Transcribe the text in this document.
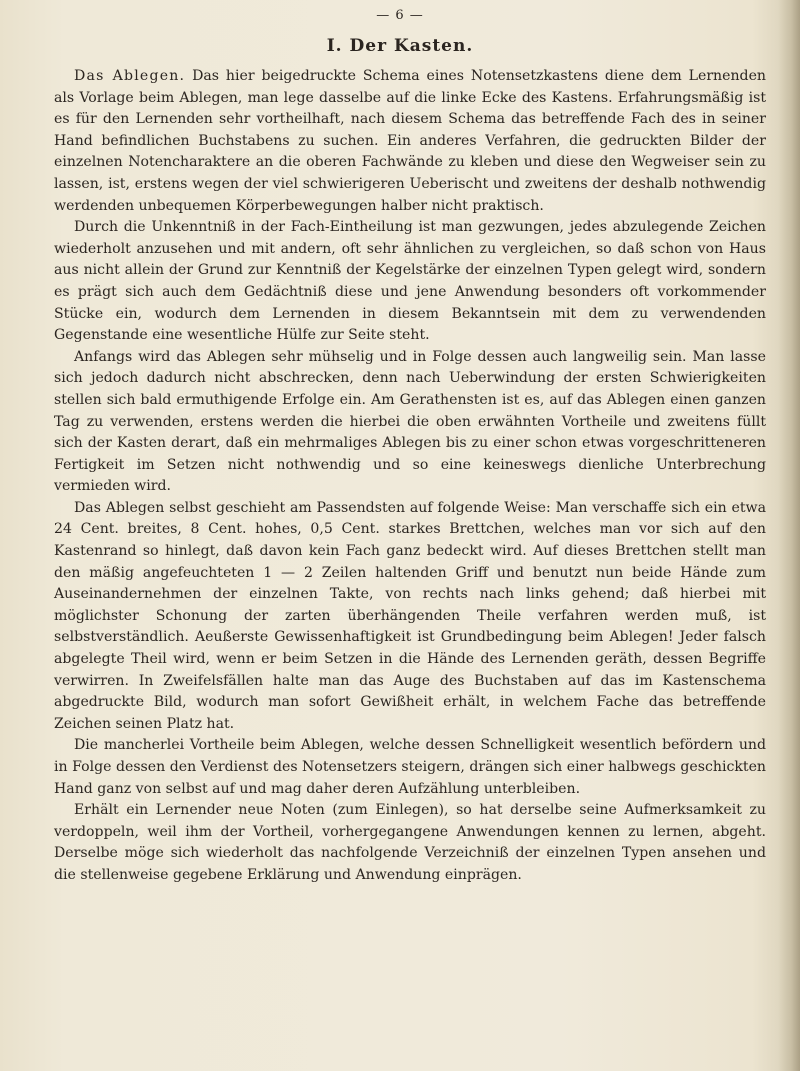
— 6 —
I. Der Kasten.

Das Ablegen. Das hier beigedruckte Schema eines Notensetzkastens diene dem Lernenden als Vorlage beim Ablegen, man lege dasselbe auf die linke Ecke des Kastens. Erfahrungsmäßig ist es für den Lernenden sehr vortheilhaft, nach diesem Schema das betreffende Fach des in seiner Hand befindlichen Buchstabens zu suchen. Ein anderes Verfahren, die gedruckten Bilder der einzelnen Notencharaktere an die oberen Fachwände zu kleben und diese den Wegweiser sein zu lassen, ist, erstens wegen der viel schwierigeren Ueberischt und zweitens der deshalb nothwendig werdenden unbequemen Körperbewegungen halber nicht praktisch.

Durch die Unkenntniß in der Fach-Eintheilung ist man gezwungen, jedes abzulegende Zeichen wiederholt anzusehen und mit andern, oft sehr ähnlichen zu vergleichen, so daß schon von Haus aus nicht allein der Grund zur Kenntniß der Kegelstärke der einzelnen Typen gelegt wird, sondern es prägt sich auch dem Gedächtniß diese und jene Anwendung besonders oft vorkommender Stücke ein, wodurch dem Lernenden in diesem Bekanntsein mit dem zu verwendenden Gegenstande eine wesentliche Hülfe zur Seite steht.

Anfangs wird das Ablegen sehr mühselig und in Folge dessen auch langweilig sein. Man lasse sich jedoch dadurch nicht abschrecken, denn nach Ueberwindung der ersten Schwierigkeiten stellen sich bald ermuthigende Erfolge ein. Am Gerathensten ist es, auf das Ablegen einen ganzen Tag zu verwenden, erstens werden die hierbei die oben erwähnten Vortheile und zweitens füllt sich der Kasten derart, daß ein mehrmaliges Ablegen bis zu einer schon etwas vorgeschritteneren Fertigkeit im Setzen nicht nothwendig und so eine keineswegs dienliche Unterbrechung vermieden wird.

Das Ablegen selbst geschieht am Passendsten auf folgende Weise: Man verschaffe sich ein etwa 24 Cent. breites, 8 Cent. hohes, 0,5 Cent. starkes Brettchen, welches man vor sich auf den Kastenrand so hinlegt, daß davon kein Fach ganz bedeckt wird. Auf dieses Brettchen stellt man den mäßig angefeuchteten 1 — 2 Zeilen haltenden Griff und benutzt nun beide Hände zum Auseinandernehmen der einzelnen Takte, von rechts nach links gehend; daß hierbei mit möglichster Schonung der zarten überhängenden Theile verfahren werden muß, ist selbstverständlich. Aeußerste Gewissenhaftigkeit ist Grundbedingung beim Ablegen! Jeder falsch abgelegte Theil wird, wenn er beim Setzen in die Hände des Lernenden geräth, dessen Begriffe verwirren. In Zweifelsfällen halte man das Auge des Buchstaben auf das im Kastenschema abgedruckte Bild, wodurch man sofort Gewißheit erhält, in welchem Fache das betreffende Zeichen seinen Platz hat.

Die mancherlei Vortheile beim Ablegen, welche dessen Schnelligkeit wesentlich befördern und in Folge dessen den Verdienst des Notensetzers steigern, drängen sich einer halbwegs geschickten Hand ganz von selbst auf und mag daher deren Aufzählung unterbleiben.

Erhält ein Lernender neue Noten (zum Einlegen), so hat derselbe seine Aufmerksamkeit zu verdoppeln, weil ihm der Vortheil, vorhergegangene Anwendungen kennen zu lernen, abgeht. Derselbe möge sich wiederholt das nachfolgende Verzeichniß der einzelnen Typen ansehen und die stellenweise gegebene Erklärung und Anwendung einprägen.
